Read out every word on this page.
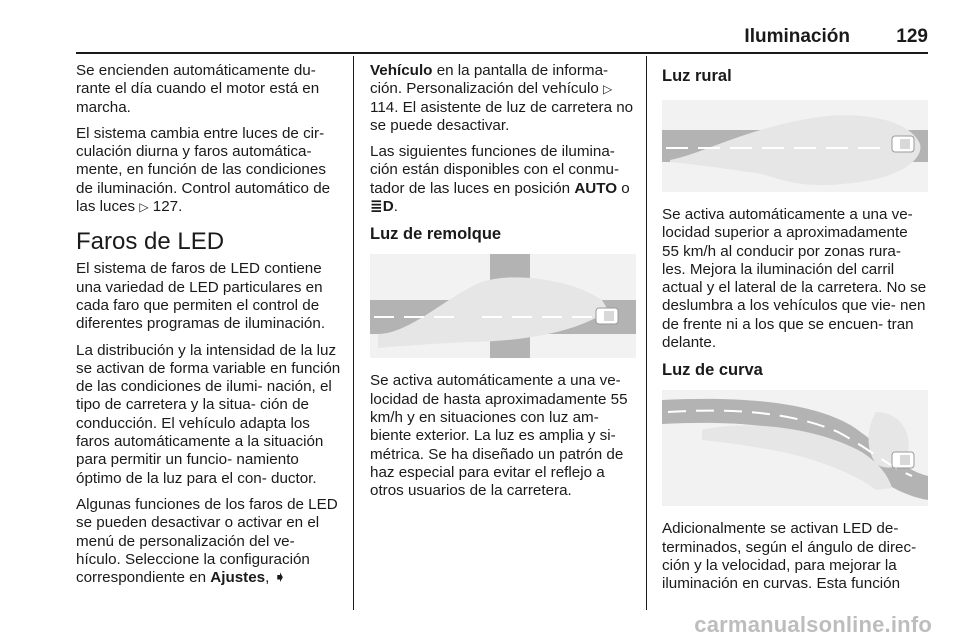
Iluminación 129

Se encienden automáticamente du- rante el día cuando el motor está en marcha.

El sistema cambia entre luces de cir- culación diurna y faros automática- mente, en función de las condiciones de iluminación. Control automático de las luces ▷ 127.

Faros de LED

El sistema de faros de LED contiene una variedad de LED particulares en cada faro que permiten el control de diferentes programas de iluminación.

La distribución y la intensidad de la luz se activan de forma variable en función de las condiciones de ilumi- nación, el tipo de carretera y la situa- ción de conducción. El vehículo adapta los faros automáticamente a la situación para permitir un funcio- namiento óptimo de la luz para el con- ductor.

Algunas funciones de los faros de LED se pueden desactivar o activar en el menú de personalización del ve- hículo. Seleccione la configuración correspondiente en Ajustes, ➧

Vehículo en la pantalla de informa- ción. Personalización del vehículo ▷ 114. El asistente de luz de carretera no se puede desactivar.

Las siguientes funciones de ilumina- ción están disponibles con el conmu- tador de las luces en posición AUTO o ≣D.

Luz de remolque

Se activa automáticamente a una ve- locidad de hasta aproximadamente 55 km/h y en situaciones con luz am- biente exterior. La luz es amplia y si- métrica. Se ha diseñado un patrón de haz especial para evitar el reflejo a otros usuarios de la carretera.

Luz rural

Se activa automáticamente a una ve- locidad superior a aproximadamente 55 km/h al conducir por zonas rura- les. Mejora la iluminación del carril actual y el lateral de la carretera. No se deslumbra a los vehículos que vie- nen de frente ni a los que se encuen- tran delante.

Luz de curva

Adicionalmente se activan LED de- terminados, según el ángulo de direc- ción y la velocidad, para mejorar la iluminación en curvas. Esta función

carmanualsonline.info
